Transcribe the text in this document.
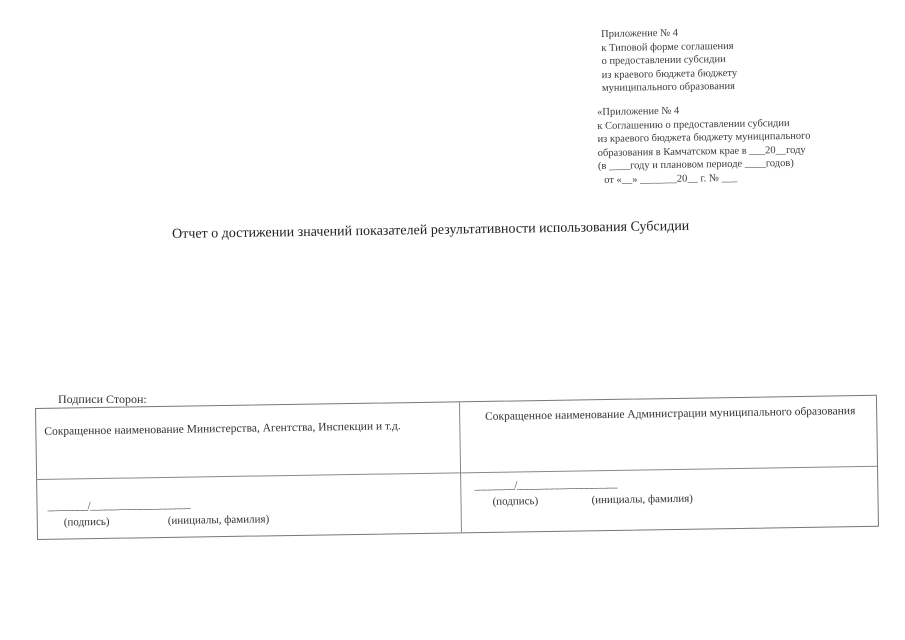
Приложение № 4
к Типовой форме соглашения
о предоставлении субсидии
из краевого бюджета бюджету
муниципального образования
«Приложение № 4
к Соглашению о предоставлении субсидии
из краевого бюджета бюджету муниципального
образования в Камчатском крае в ___20__году
(в ____году и плановом периоде ____годов)
от «__» _______20__ г. № ___
Отчет о достижении значений показателей результативности использования Субсидии
Подписи Сторон:
Сокращенное наименование Министерства, Агентства, Инспекции и т.д.
Сокращенное наименование Администрации муниципального образования
________/____________________
(подпись)	(инициалы, фамилия)
________/____________________
(подпись)	(инициалы, фамилия)
